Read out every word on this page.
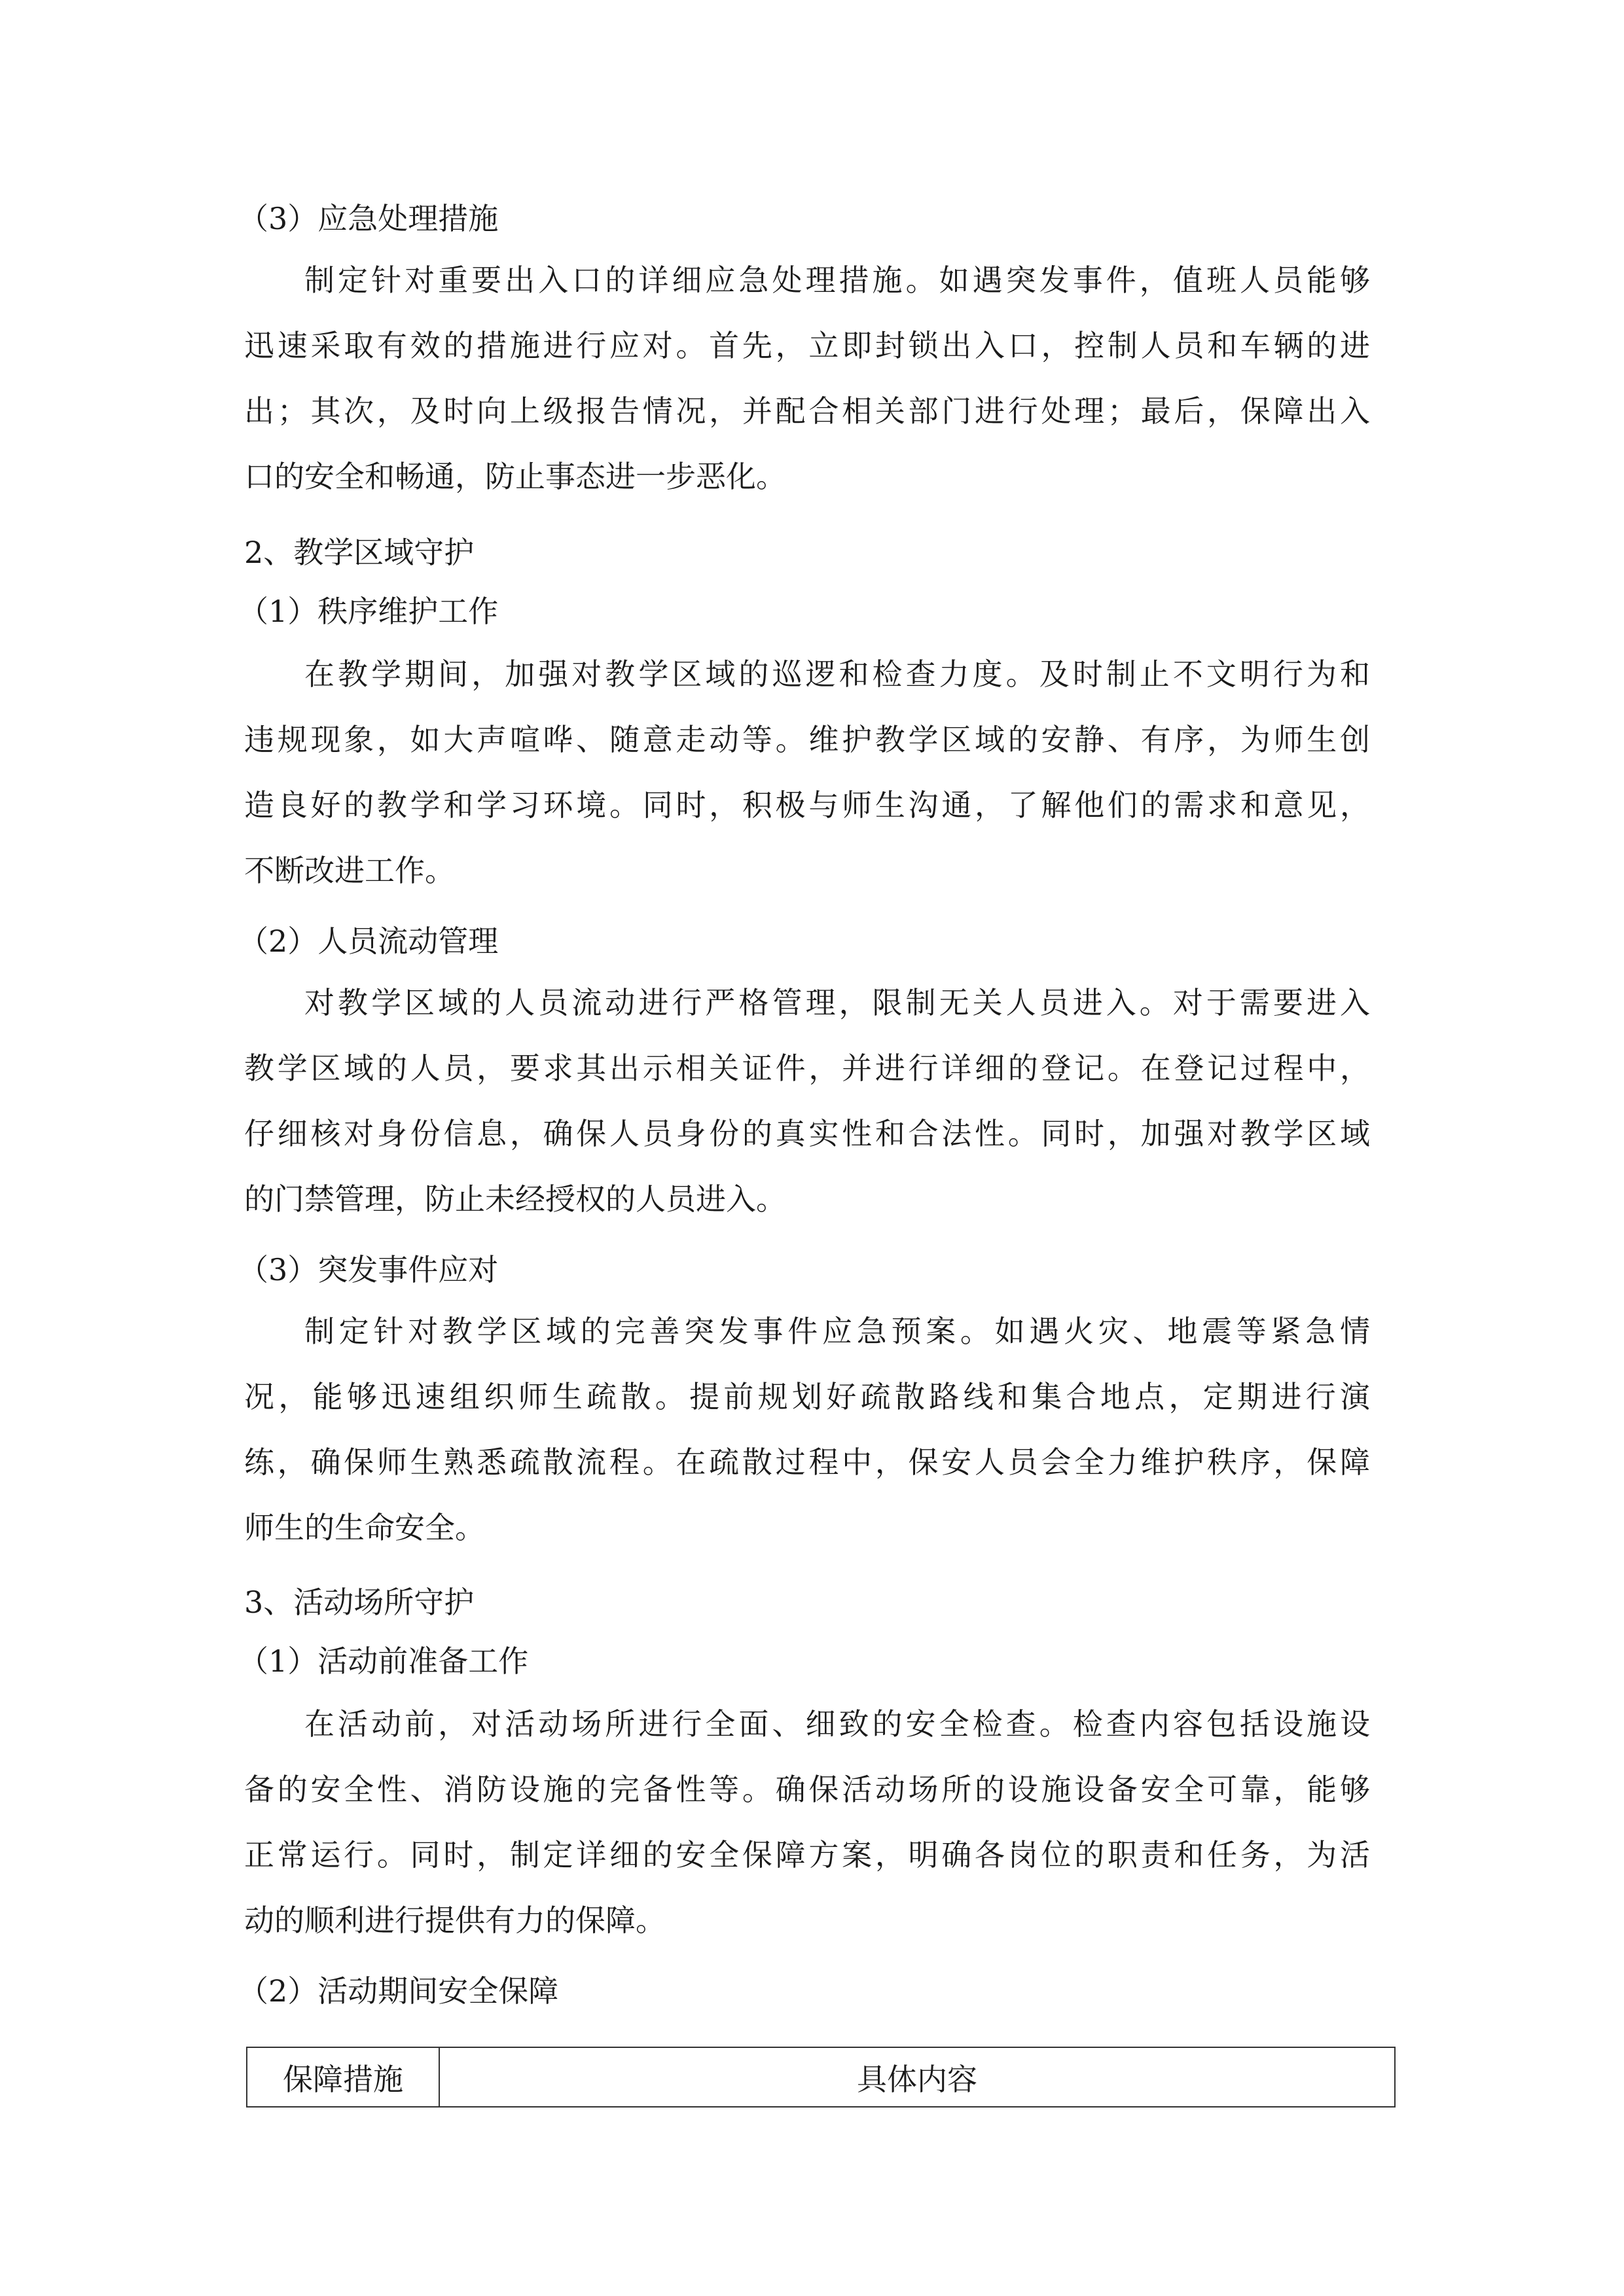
（3）应急处理措施

制定针对重要出入口的详细应急处理措施。如遇突发事件，值班人员能够
迅速采取有效的措施进行应对。首先，立即封锁出入口，控制人员和车辆的进
出；其次，及时向上级报告情况，并配合相关部门进行处理；最后，保障出入
口的安全和畅通，防止事态进一步恶化。

2、教学区域守护

（1）秩序维护工作

在教学期间，加强对教学区域的巡逻和检查力度。及时制止不文明行为和
违规现象，如大声喧哗、随意走动等。维护教学区域的安静、有序，为师生创
造良好的教学和学习环境。同时，积极与师生沟通，了解他们的需求和意见，
不断改进工作。

（2）人员流动管理

对教学区域的人员流动进行严格管理，限制无关人员进入。对于需要进入
教学区域的人员，要求其出示相关证件，并进行详细的登记。在登记过程中，
仔细核对身份信息，确保人员身份的真实性和合法性。同时，加强对教学区域
的门禁管理，防止未经授权的人员进入。

（3）突发事件应对

制定针对教学区域的完善突发事件应急预案。如遇火灾、地震等紧急情
况，能够迅速组织师生疏散。提前规划好疏散路线和集合地点，定期进行演
练，确保师生熟悉疏散流程。在疏散过程中，保安人员会全力维护秩序，保障
师生的生命安全。

3、活动场所守护

（1）活动前准备工作

在活动前，对活动场所进行全面、细致的安全检查。检查内容包括设施设
备的安全性、消防设施的完备性等。确保活动场所的设施设备安全可靠，能够
正常运行。同时，制定详细的安全保障方案，明确各岗位的职责和任务，为活
动的顺利进行提供有力的保障。

（2）活动期间安全保障

保障措施	具体内容
